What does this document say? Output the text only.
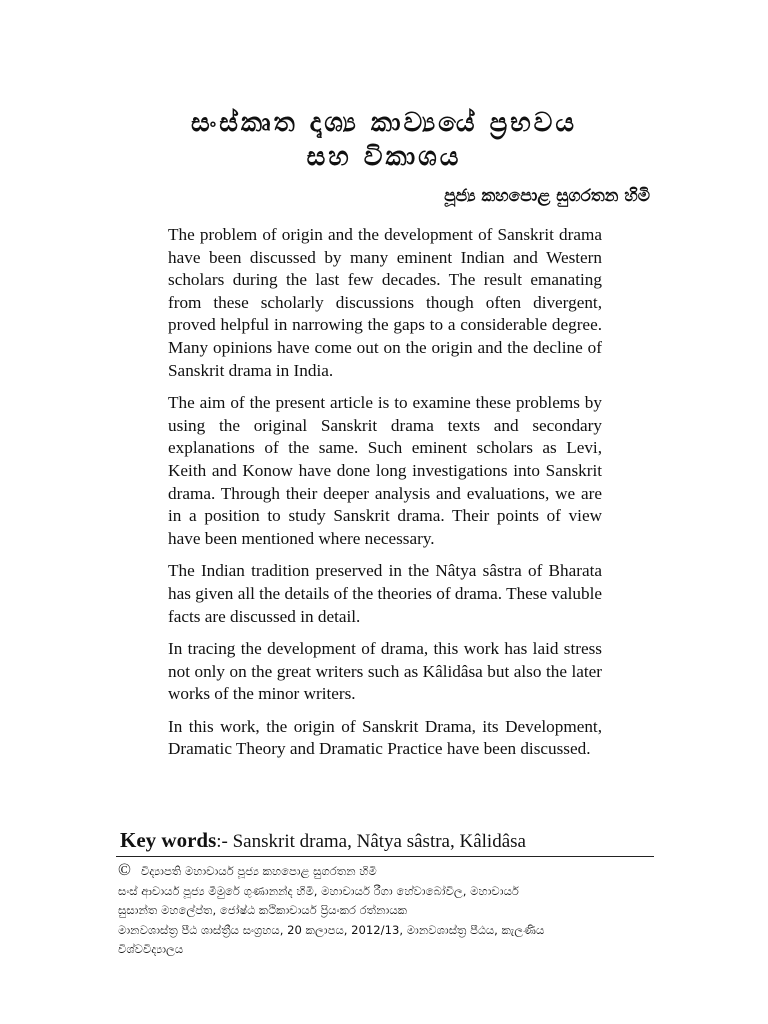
සංස්කෘත දෘශ්‍ය කාව්‍යයේ ප්‍රභවය
සහ විකාශය
පූජ්‍ය කහපොළ සුගරතන හිමි

The problem of origin and the development of Sanskrit drama have been discussed by many eminent Indian and Western scholars during the last few decades. The result emanating from these scholarly discussions though often divergent, proved helpful in narrowing the gaps to a considerable degree. Many opinions have come out on the origin and the decline of Sanskrit drama in India.

The aim of the present article is to examine these problems by using the original Sanskrit drama texts and secondary explanations of the same. Such eminent scholars as Levi, Keith and Konow have done long investigations into Sanskrit drama. Through their deeper analysis and evaluations, we are in a position to study Sanskrit drama. Their points of view have been mentioned where necessary.

The Indian tradition preserved in the Nâtya sâstra of Bharata has given all the details of the theories of drama. These valuble facts are discussed in detail.

In tracing the development of drama, this work has laid stress not only on the great writers such as Kâlidâsa but also the later works of the minor writers.

In this work, the origin of Sanskrit Drama, its Development, Dramatic Theory and Dramatic Practice have been discussed.

Key words:- Sanskrit drama, Nâtya sâstra, Kâlidâsa
© විද්‍යාපති මහාචාර්ය පූජ්‍ය කහපොළ සුගරතන හිමි
සංස් ආචාර්ය පූජ්‍ය මීමුරේ ගුණානන්ද හිමි, මහාචාර්ය රීගා හේවාබෝවිල, මහාචාර්ය
සුසාන්ත මහලේප්ත, ජෝෂ්ඨ කථිකාචාර්ය ප්‍රියංකර රත්නායක
මානවශාස්ත්‍ර පීඨ ශාස්ත්‍රීය සංග්‍රහය, 20 කලාපය, 2012/13, මානවශාස්ත්‍ර පීඨය, කැලණිය
විශ්වවිද්‍යාලය
